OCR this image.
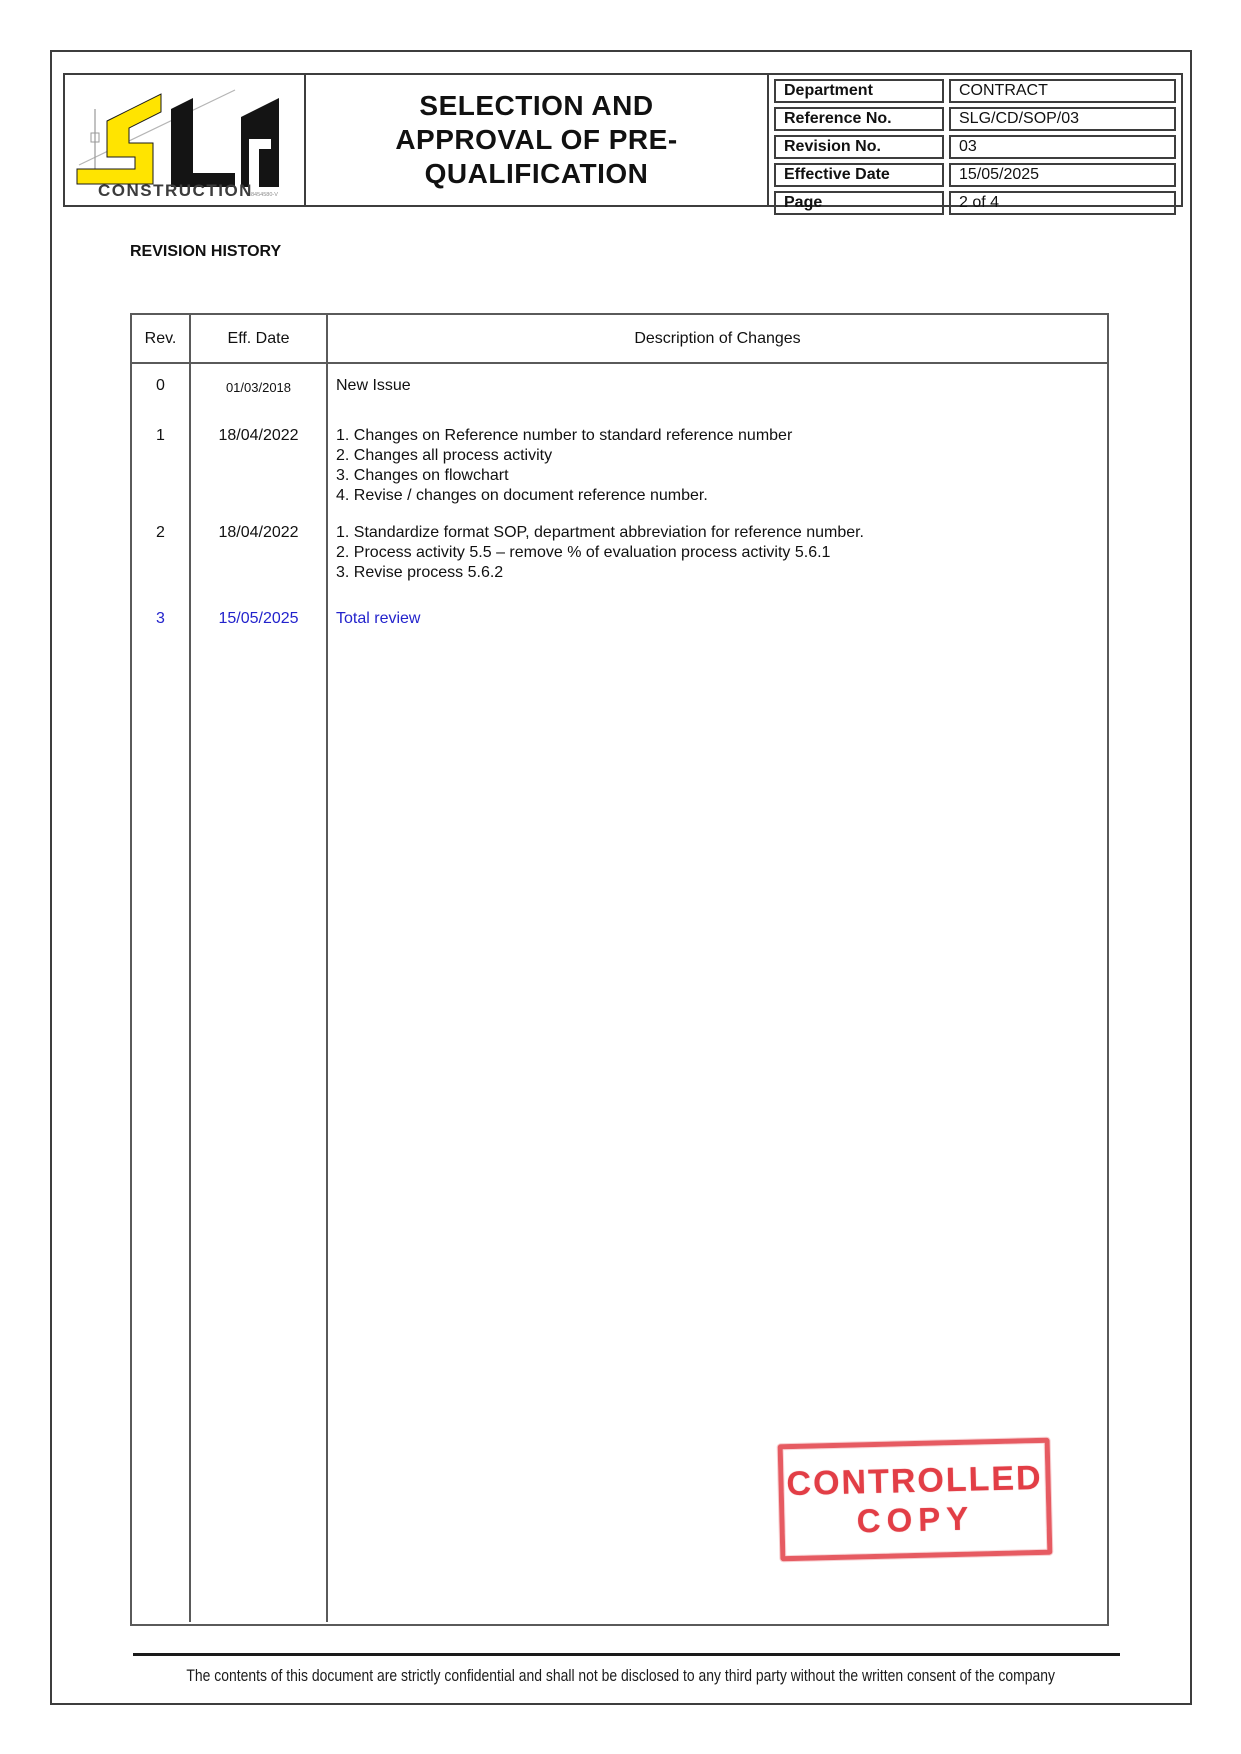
CONSTRUCTION
8454580-V
SELECTION AND
APPROVAL OF PRE-
QUALIFICATION
Department	CONTRACT
Reference No.	SLG/CD/SOP/03
Revision No.	03
Effective Date	15/05/2025
Page	2 of 4
REVISION HISTORY
Rev.	Eff. Date	Description of Changes
0	01/03/2018	New Issue
1	18/04/2022	1. Changes on Reference number to standard reference number
2. Changes all process activity
3. Changes on flowchart
4. Revise / changes on document reference number.
2	18/04/2022	1. Standardize format SOP, department abbreviation for reference number.
2. Process activity 5.5 – remove % of evaluation process activity 5.6.1
3. Revise process 5.6.2
3	15/05/2025	Total review
CONTROLLED
COPY
The contents of this document are strictly confidential and shall not be disclosed to any third party without the written consent of the company
